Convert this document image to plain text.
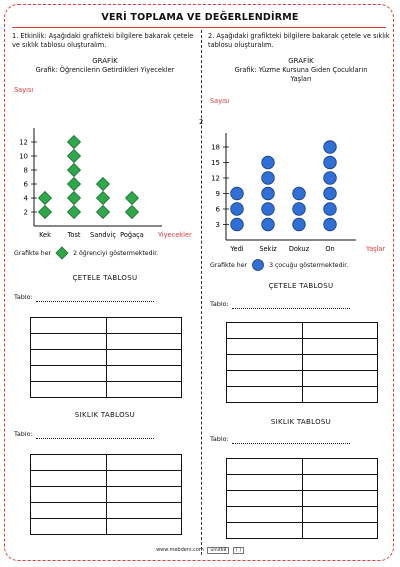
VERİ TOPLAMA VE DEĞERLENDİRME
2
1. Etkinlik: Aşağıdaki grafikteki bilgilere bakarak çetele ve sıklık tablosu oluşturalım.
GRAFİK
Grafik: Öğrencilerin Getirdikleri Yiyecekler
Sayısı
2
4
6
8
10
12
Kek	Tost Sandviç Poğaça Yiyecekler
Grafikte her	2 öğrenciyi göstermektedir.
ÇETELE TABLOSU
Tablo:

SIKLIK TABLOSU
Tablo:

2. Aşağıdaki grafikteki bilgilere bakarak çetele ve sıklık tablosu oluşturalım.
GRAFİK
Grafik: Yüzme Kursuna Giden Çocukların Yaşları
Sayısı
3
6
9
12
15
18
Yedi Sekiz Dokuz On	Yaşlar
Grafikte her	3 çocuğu göstermektedir.
ÇETELE TABLOSU
Tablo:

SIKLIK TABLOSU
Tablo:

www.mebders.com ümit68 [ ]
